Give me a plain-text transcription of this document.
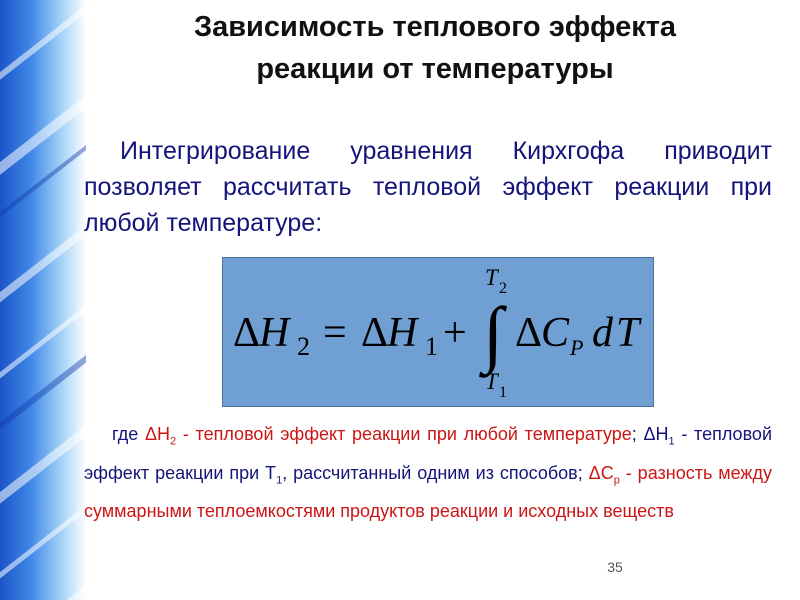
Зависимость теплового эффекта
реакции от температуры
Интегрирование уравнения Кирхгофа приводит позволяет рассчитать тепловой эффект реакции при любой температуре:
Δ
H 2 = Δ
H 1 + ∫
T 2
T 1
Δ
C P d T
где $\Delta H_2$ - тепловой эффект реакции при любой температуре; $\Delta H_1$ - тепловой эффект реакции при $T_1$, рассчитанный одним из способов; $\Delta C_p$ - разность между суммарными теплоемкостями продуктов реакции и исходных веществ
35
